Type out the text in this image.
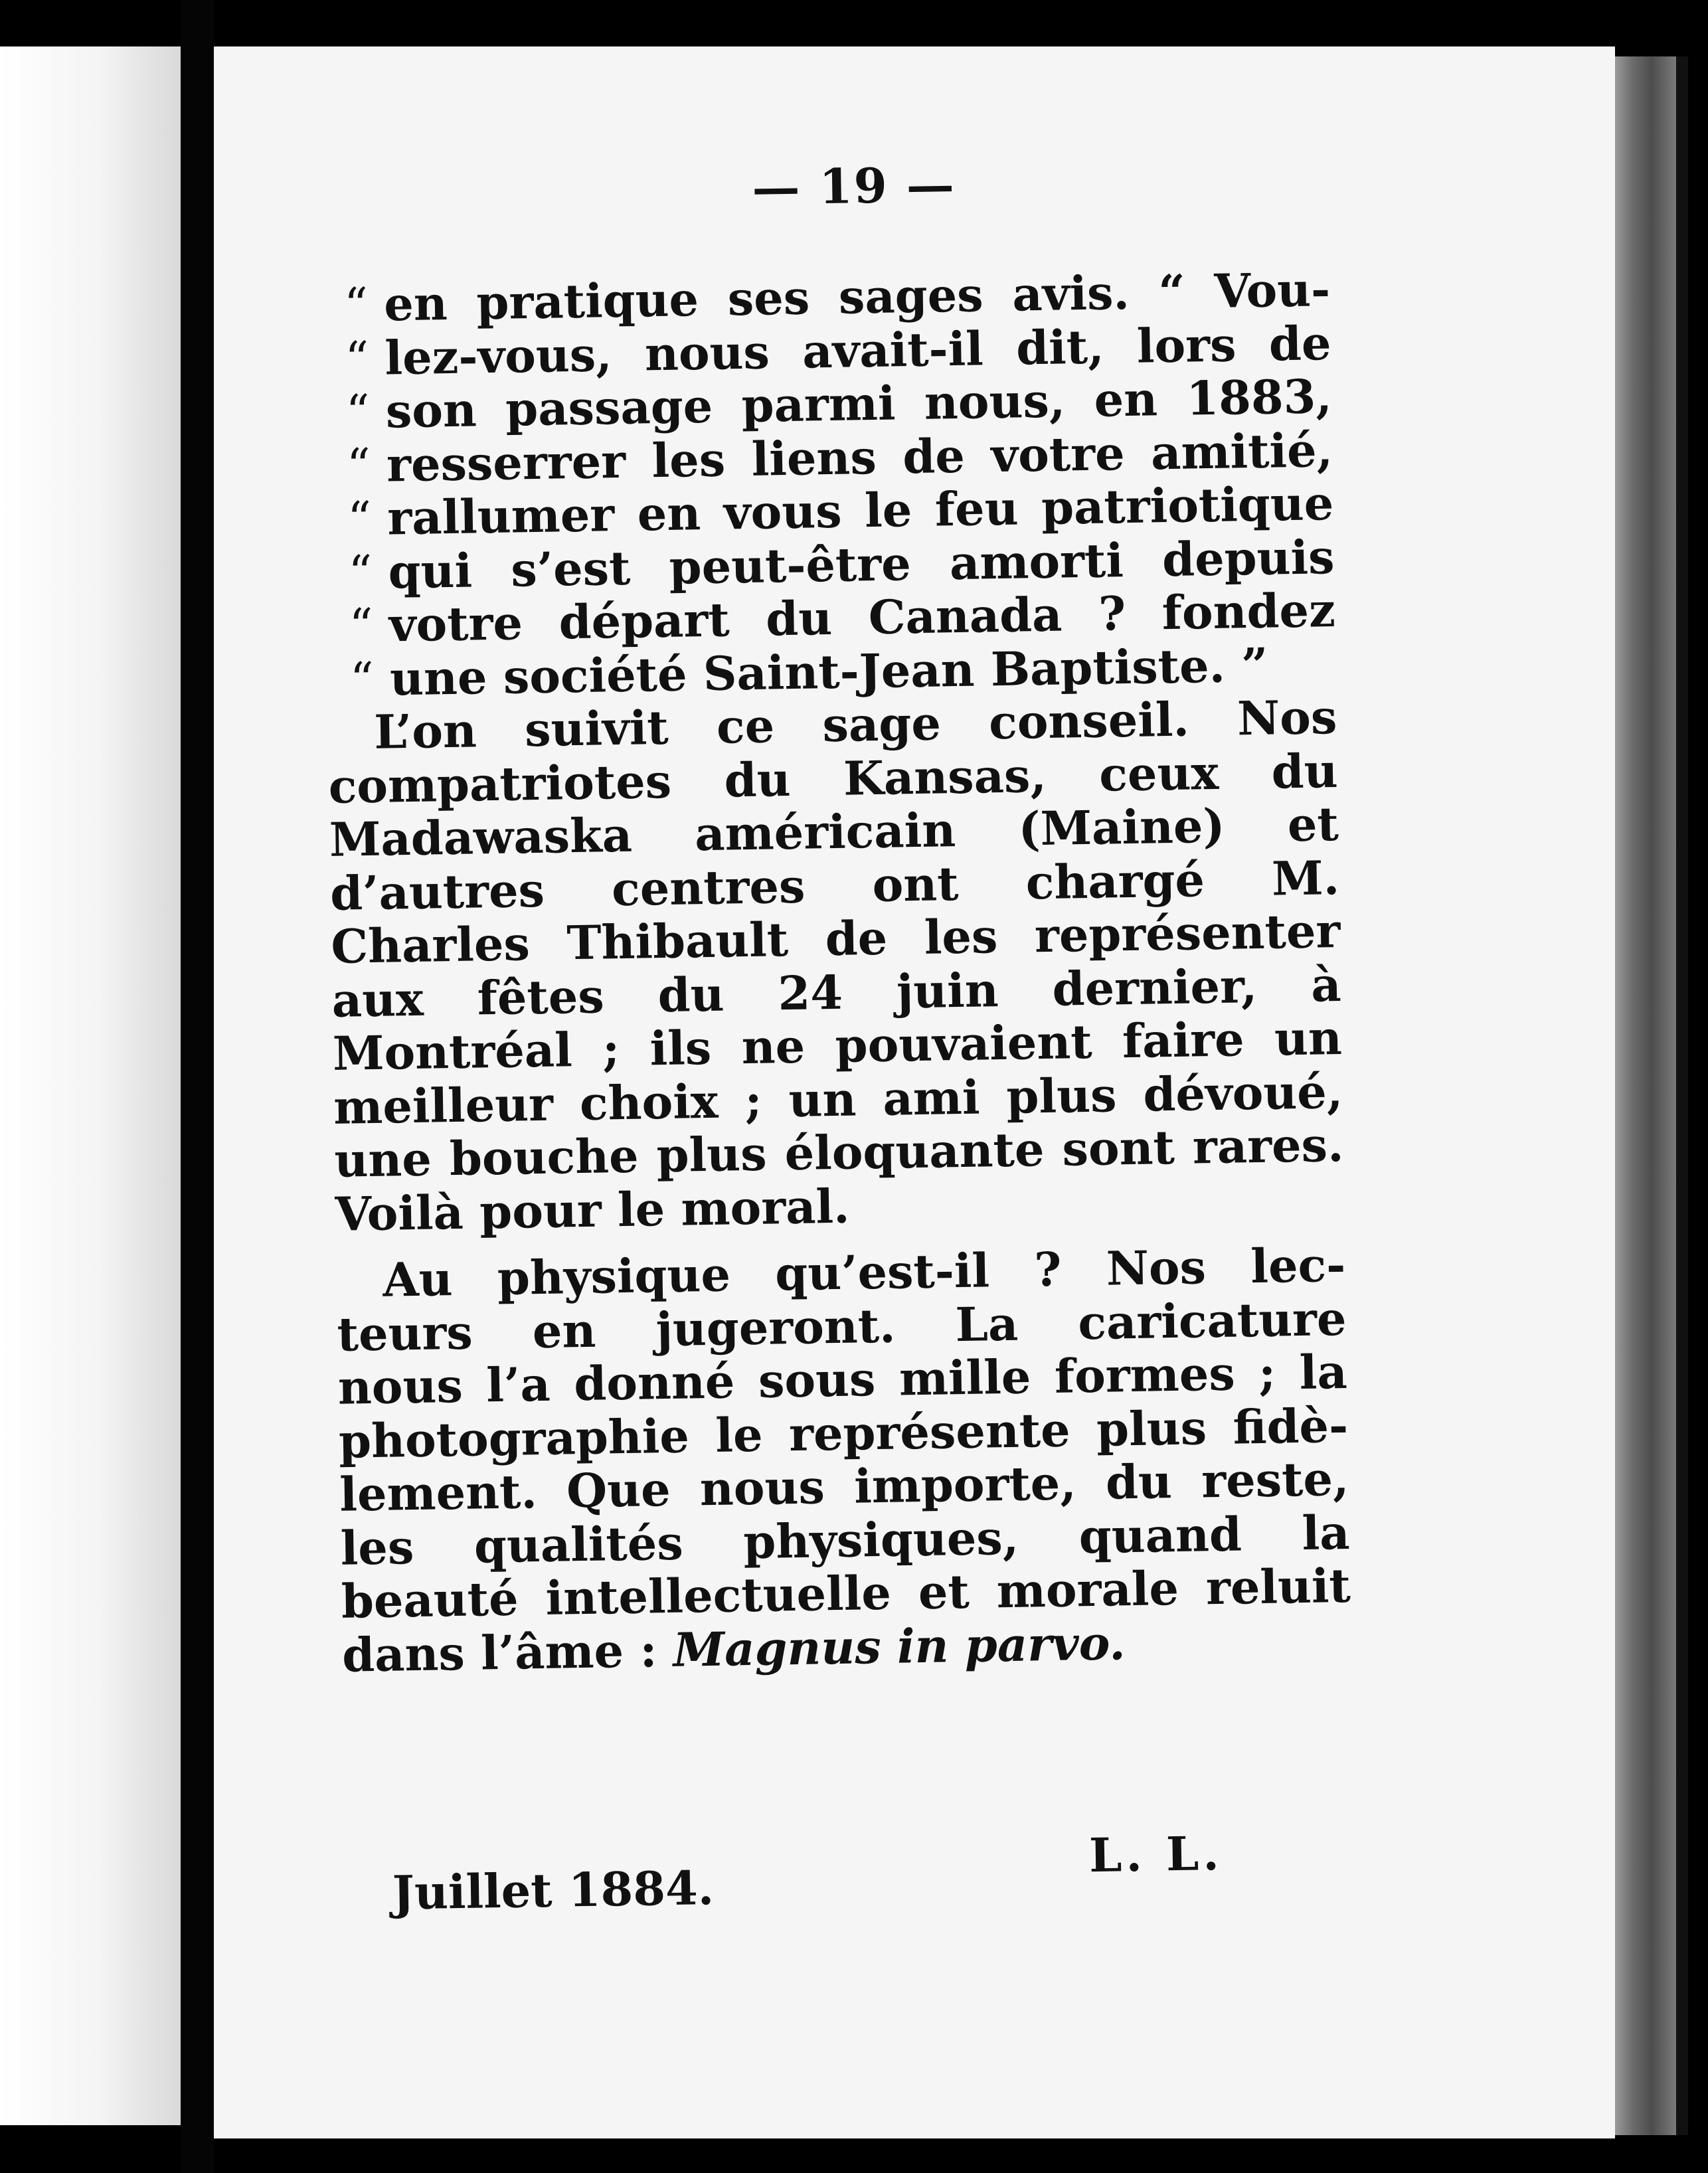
— 19 —
“ en pratique ses sages avis. “ Vou-
“ lez-vous, nous avait-il dit, lors de
“ son passage parmi nous, en 1883,
“ resserrer les liens de votre amitié,
“ rallumer en vous le feu patriotique
“ qui s’est peut-être amorti depuis
“ votre départ du Canada ? fondez
“ une société Saint-Jean Baptiste. ”
L’on suivit ce sage conseil. Nos
compatriotes du Kansas, ceux du
Madawaska américain (Maine) et
d’autres centres ont chargé M.
Charles Thibault de les représenter
aux fêtes du 24 juin dernier, à
Montréal ; ils ne pouvaient faire un
meilleur choix ; un ami plus dévoué,
une bouche plus éloquante sont rares.
Voilà pour le moral.
Au physique qu’est-il ? Nos lec-
teurs en jugeront. La caricature
nous l’a donné sous mille formes ; la
photographie le représente plus fidè-
lement. Que nous importe, du reste,
les qualités physiques, quand la
beauté intellectuelle et morale reluit
dans l’âme : Magnus in parvo.
L. L.
Juillet 1884.
